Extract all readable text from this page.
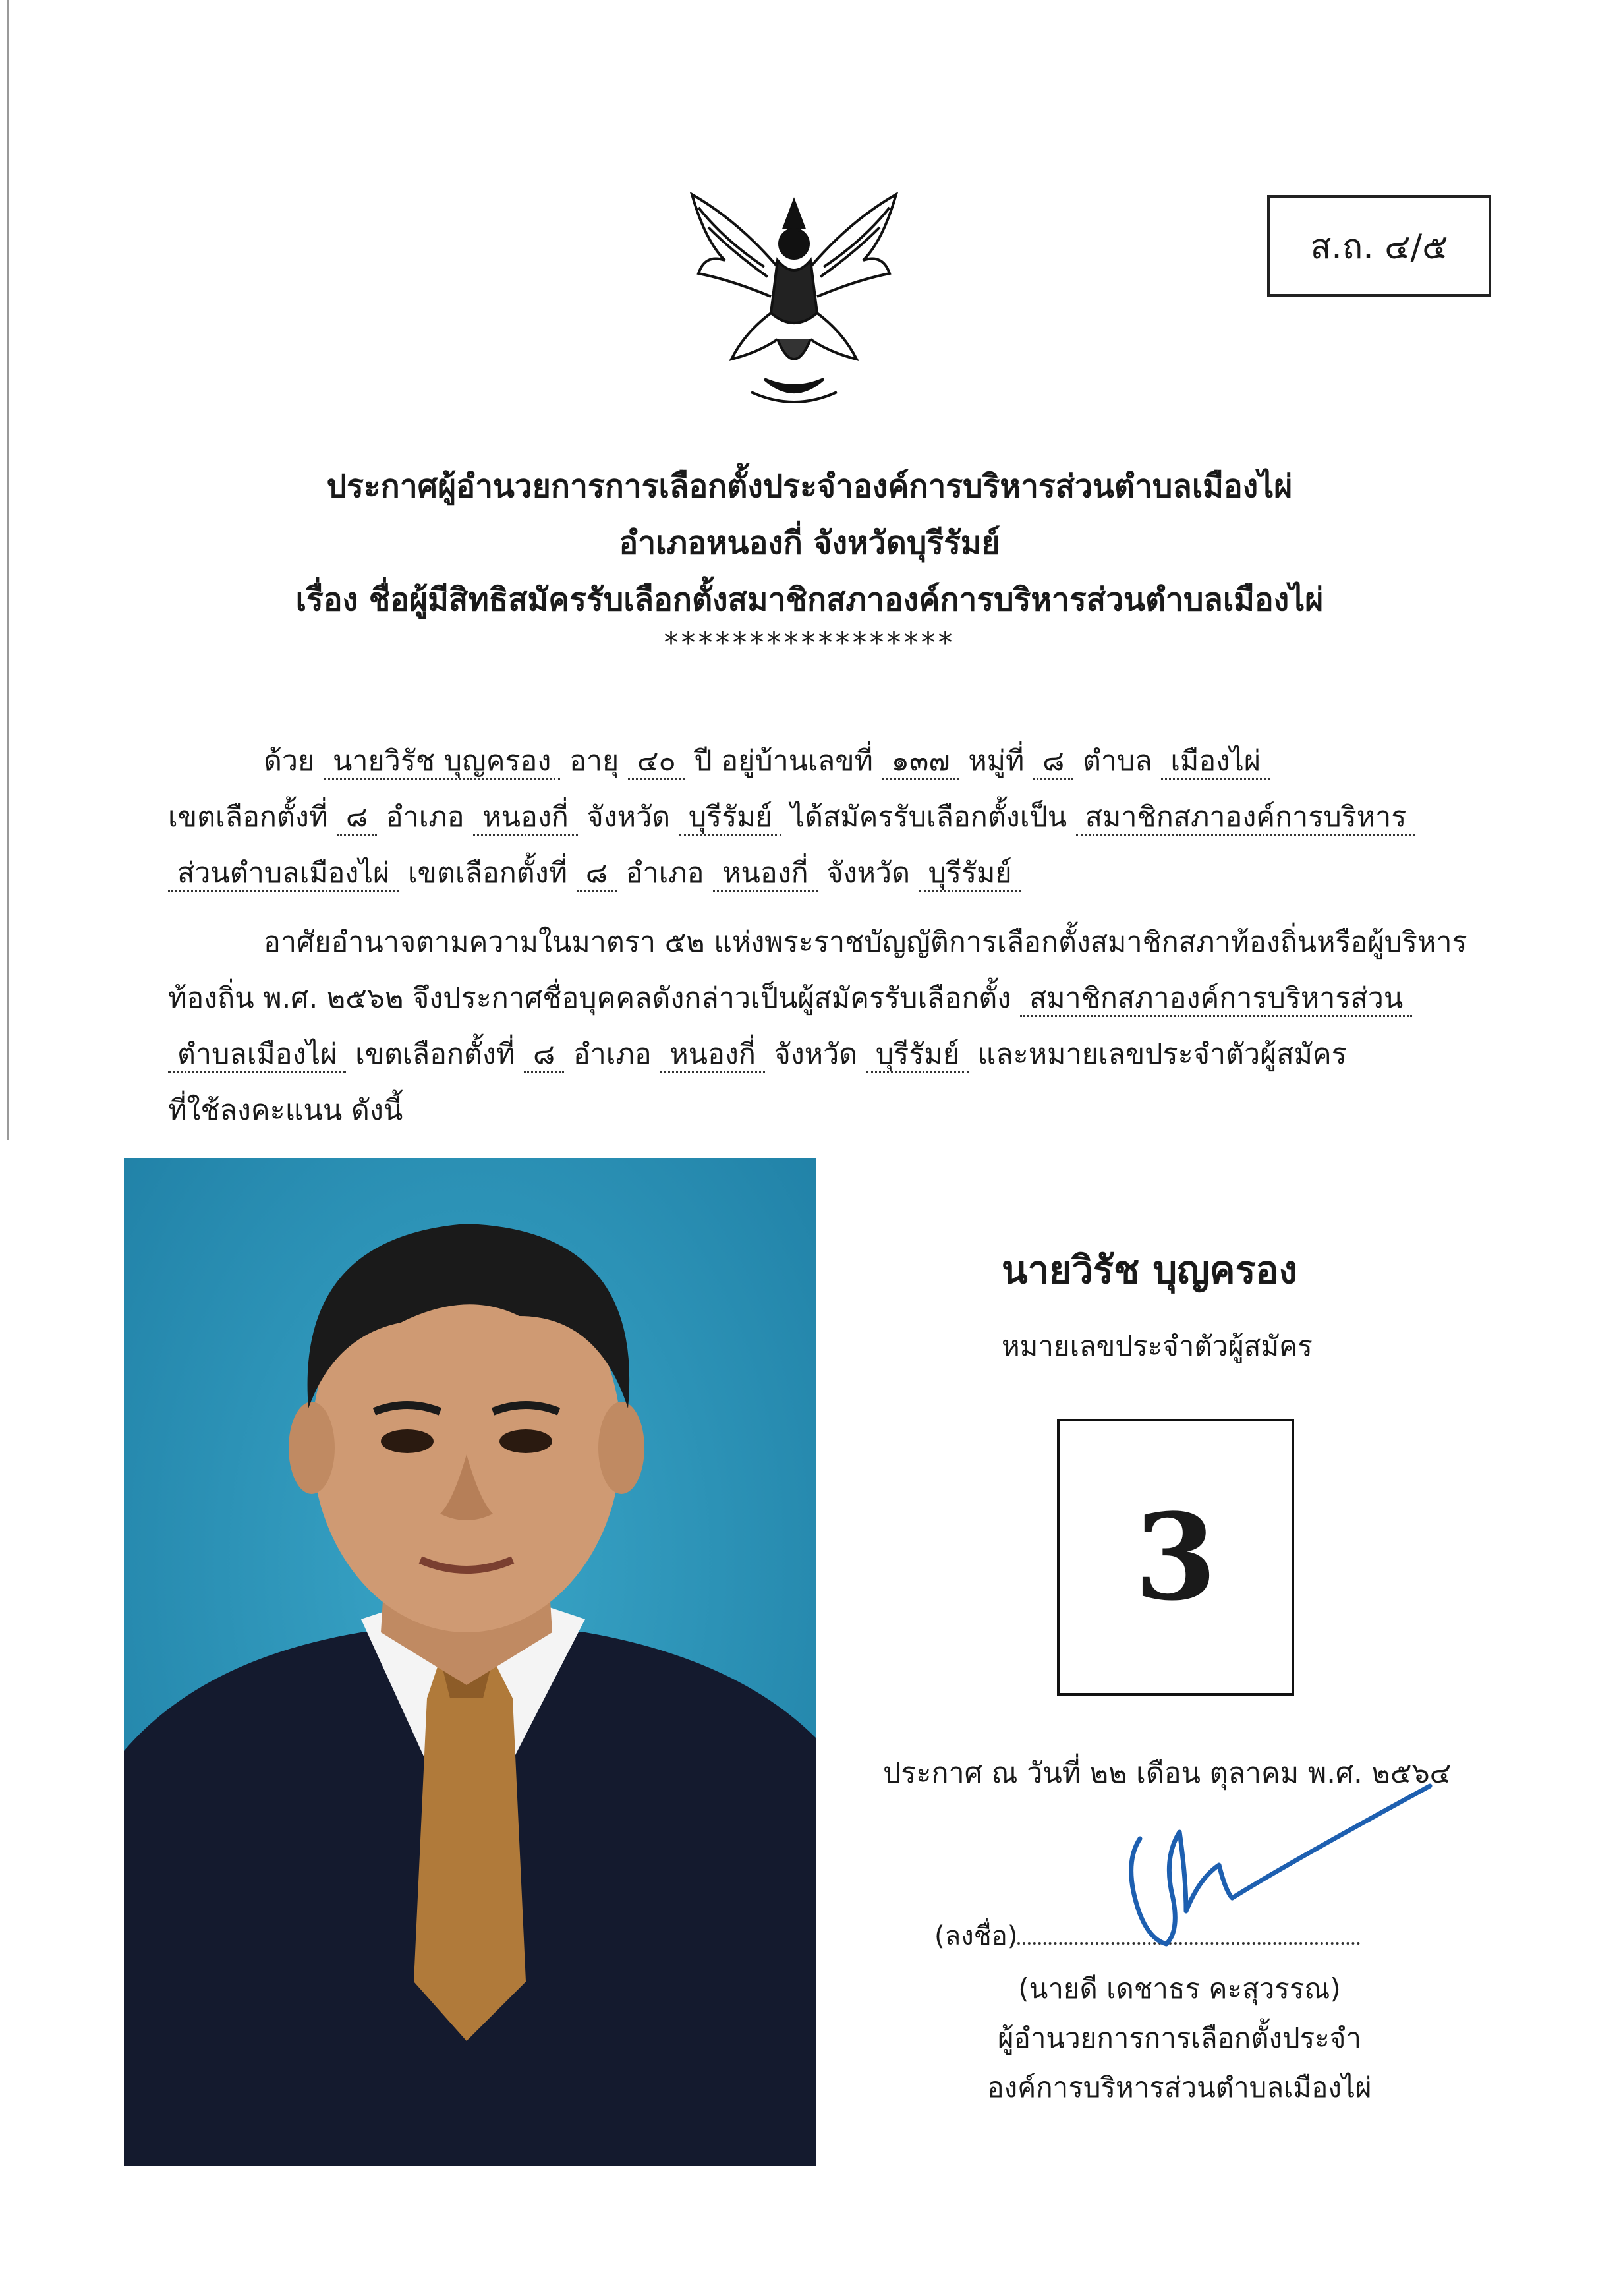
ส.ถ. ๔/๕
ประกาศผู้อำนวยการการเลือกตั้งประจำองค์การบริหารส่วนตำบลเมืองไผ่
อำเภอหนองกี่ จังหวัดบุรีรัมย์
เรื่อง ชื่อผู้มีสิทธิสมัครรับเลือกตั้งสมาชิกสภาองค์การบริหารส่วนตำบลเมืองไผ่
*****************
ด้วย นายวิรัช บุญครอง อายุ ๔๐ ปี อยู่บ้านเลขที่ ๑๓๗ หมู่ที่ ๘ ตำบล เมืองไผ่
เขตเลือกตั้งที่ ๘ อำเภอ หนองกี่ จังหวัด บุรีรัมย์ ได้สมัครรับเลือกตั้งเป็น สมาชิกสภาองค์การบริหาร
ส่วนตำบลเมืองไผ่ เขตเลือกตั้งที่ ๘ อำเภอ หนองกี่ จังหวัด บุรีรัมย์
อาศัยอำนาจตามความในมาตรา ๕๒ แห่งพระราชบัญญัติการเลือกตั้งสมาชิกสภาท้องถิ่นหรือผู้บริหาร
ท้องถิ่น พ.ศ. ๒๕๖๒ จึงประกาศชื่อบุคคลดังกล่าวเป็นผู้สมัครรับเลือกตั้ง สมาชิกสภาองค์การบริหารส่วน
ตำบลเมืองไผ่ เขตเลือกตั้งที่ ๘ อำเภอ หนองกี่ จังหวัด บุรีรัมย์ และหมายเลขประจำตัวผู้สมัคร
ที่ใช้ลงคะแนน ดังนี้
นายวิรัช บุญครอง
หมายเลขประจำตัวผู้สมัคร
3
ประกาศ ณ วันที่ ๒๒ เดือน ตุลาคม พ.ศ. ๒๕๖๔
(ลงชื่อ)
(นายดี เดชาธร คะสุวรรณ)
ผู้อำนวยการการเลือกตั้งประจำ
องค์การบริหารส่วนตำบลเมืองไผ่
